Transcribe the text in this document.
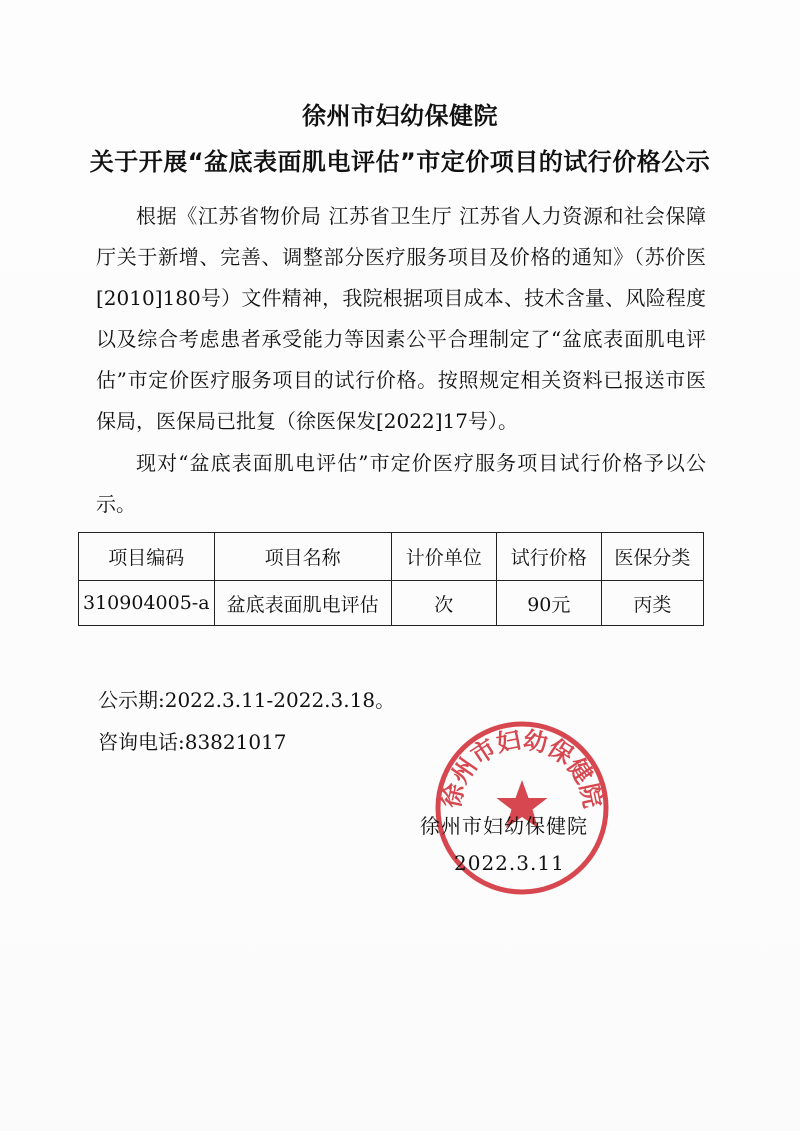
徐州市妇幼保健院
关于开展“盆底表面肌电评估”市定价项目的试行价格公示

根据《江苏省物价局 江苏省卫生厅 江苏省人力资源和社会保障厅关于新增、完善、调整部分医疗服务项目及价格的通知》（苏价医[2010]180号）文件精神，我院根据项目成本、技术含量、风险程度以及综合考虑患者承受能力等因素公平合理制定了“盆底表面肌电评估”市定价医疗服务项目的试行价格。按照规定相关资料已报送市医保局，医保局已批复（徐医保发[2022]17号）。

现对“盆底表面肌电评估”市定价医疗服务项目试行价格予以公示。

项目编码	项目名称	计价单位	试行价格	医保分类
310904005-a	盆底表面肌电评估	次	90元	丙类
公示期:2022.3.11-2022.3.18。
咨询电话:83821017
徐州市妇幼保健院
徐州市妇幼保健院
2022.3.11
